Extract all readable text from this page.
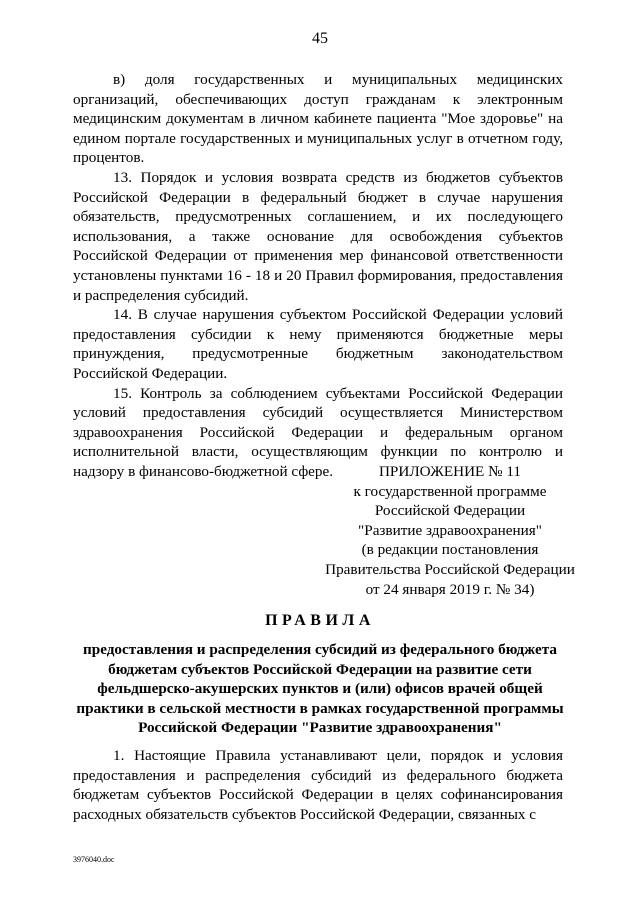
45

в) доля государственных и муниципальных медицинских организаций, обеспечивающих доступ гражданам к электронным медицинским документам в личном кабинете пациента "Мое здоровье" на едином портале государственных и муниципальных услуг в отчетном году, процентов.

13. Порядок и условия возврата средств из бюджетов субъектов Российской Федерации в федеральный бюджет в случае нарушения обязательств, предусмотренных соглашением, и их последующего использования, а также основание для освобождения субъектов Российской Федерации от применения мер финансовой ответственности установлены пунктами 16 - 18 и 20 Правил формирования, предоставления и распределения субсидий.

14. В случае нарушения субъектом Российской Федерации условий предоставления субсидии к нему применяются бюджетные меры принуждения, предусмотренные бюджетным законодательством Российской Федерации.

15. Контроль за соблюдением субъектами Российской Федерации условий предоставления субсидий осуществляется Министерством здравоохранения Российской Федерации и федеральным органом исполнительной власти, осуществляющим функции по контролю и надзору в финансово-бюджетной сфере.	ПРИЛОЖЕНИЕ № 11
к государственной программе
Российской Федерации
"Развитие здравоохранения"
(в редакции постановления
Правительства Российской Федерации
от 24 января 2019 г. № 34)
ПРАВИЛА
предоставления и распределения субсидий из федерального бюджета
бюджетам субъектов Российской Федерации на развитие сети
фельдшерско-акушерских пунктов и (или) офисов врачей общей
практики в сельской местности в рамках государственной программы
Российской Федерации "Развитие здравоохранения"

1. Настоящие Правила устанавливают цели, порядок и условия предоставления и распределения субсидий из федерального бюджета бюджетам субъектов Российской Федерации в целях софинансирования расходных обязательств субъектов Российской Федерации, связанных с

3976040.doc
